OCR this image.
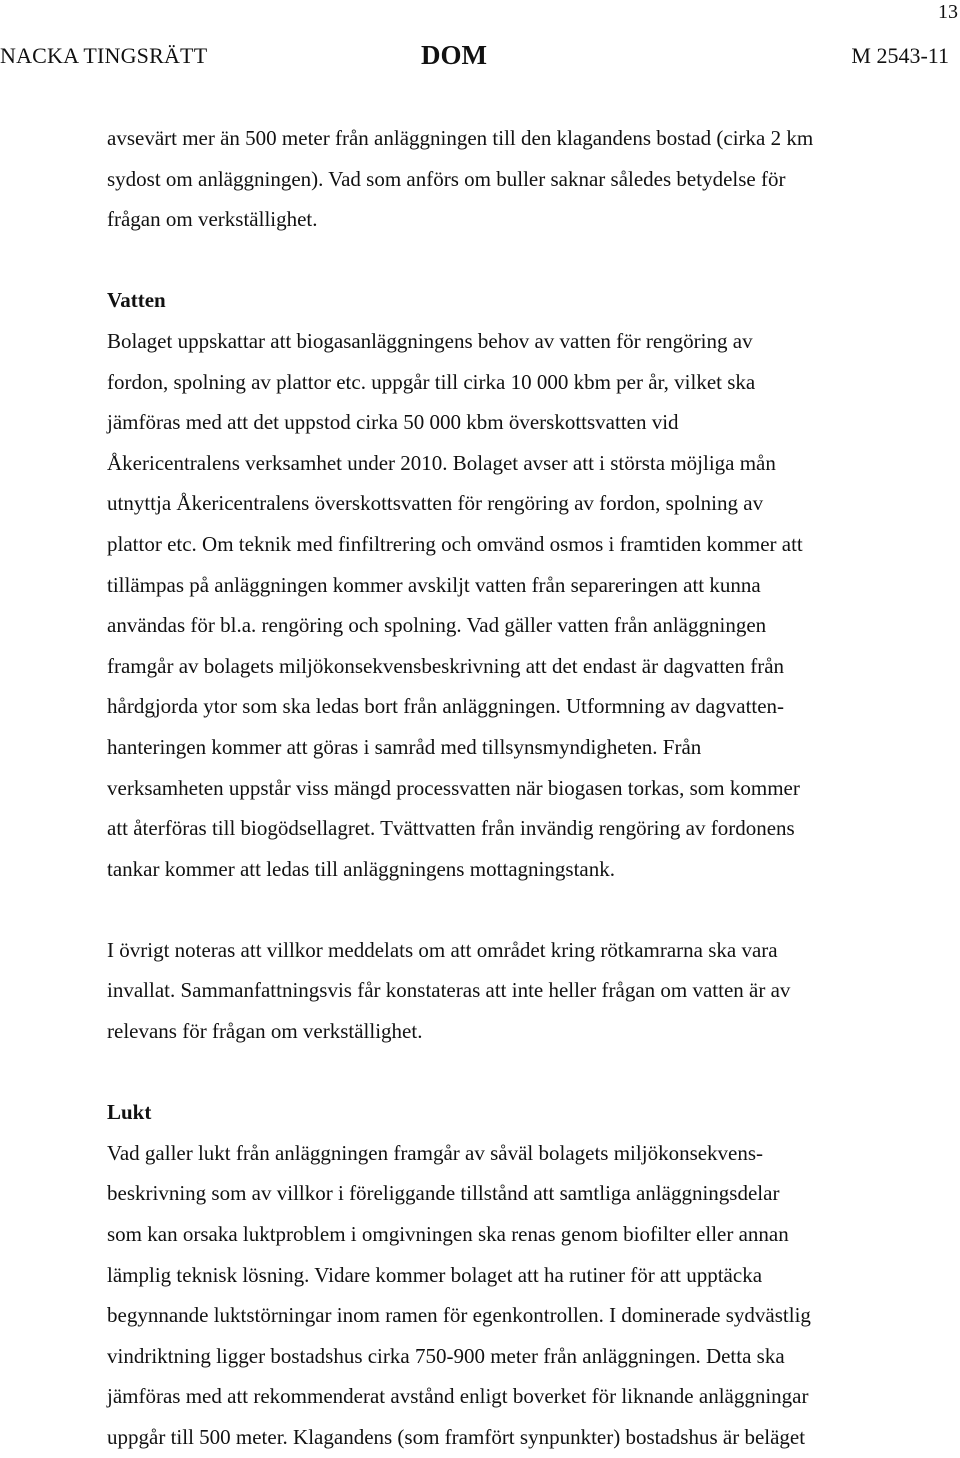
13
NACKA TINGSRÄTT	DOM	M 2543-11
avsevärt mer än 500 meter från anläggningen till den klagandens bostad (cirka 2 km
sydost om anläggningen). Vad som anförs om buller saknar således betydelse för
frågan om verkställighet.
Vatten
Bolaget uppskattar att biogasanläggningens behov av vatten för rengöring av
fordon, spolning av plattor etc. uppgår till cirka 10 000 kbm per år, vilket ska
jämföras med att det uppstod cirka 50 000 kbm överskottsvatten vid
Åkericentralens verksamhet under 2010. Bolaget avser att i största möjliga mån
utnyttja Åkericentralens överskottsvatten för rengöring av fordon, spolning av
plattor etc. Om teknik med finfiltrering och omvänd osmos i framtiden kommer att
tillämpas på anläggningen kommer avskiljt vatten från separeringen att kunna
användas för bl.a. rengöring och spolning. Vad gäller vatten från anläggningen
framgår av bolagets miljökonsekvensbeskrivning att det endast är dagvatten från
hårdgjorda ytor som ska ledas bort från anläggningen. Utformning av dagvatten-
hanteringen kommer att göras i samråd med tillsynsmyndigheten. Från
verksamheten uppstår viss mängd processvatten när biogasen torkas, som kommer
att återföras till biogödsellagret. Tvättvatten från invändig rengöring av fordonens
tankar kommer att ledas till anläggningens mottagningstank.
I övrigt noteras att villkor meddelats om att området kring rötkamrarna ska vara
invallat. Sammanfattningsvis får konstateras att inte heller frågan om vatten är av
relevans för frågan om verkställighet.
Lukt
Vad galler lukt från anläggningen framgår av såväl bolagets miljökonsekvens-
beskrivning som av villkor i föreliggande tillstånd att samtliga anläggningsdelar
som kan orsaka luktproblem i omgivningen ska renas genom biofilter eller annan
lämplig teknisk lösning. Vidare kommer bolaget att ha rutiner för att upptäcka
begynnande luktstörningar inom ramen för egenkontrollen. I dominerade sydvästlig
vindriktning ligger bostadshus cirka 750-900 meter från anläggningen. Detta ska
jämföras med att rekommenderat avstånd enligt boverket för liknande anläggningar
uppgår till 500 meter. Klagandens (som framfört synpunkter) bostadshus är beläget
